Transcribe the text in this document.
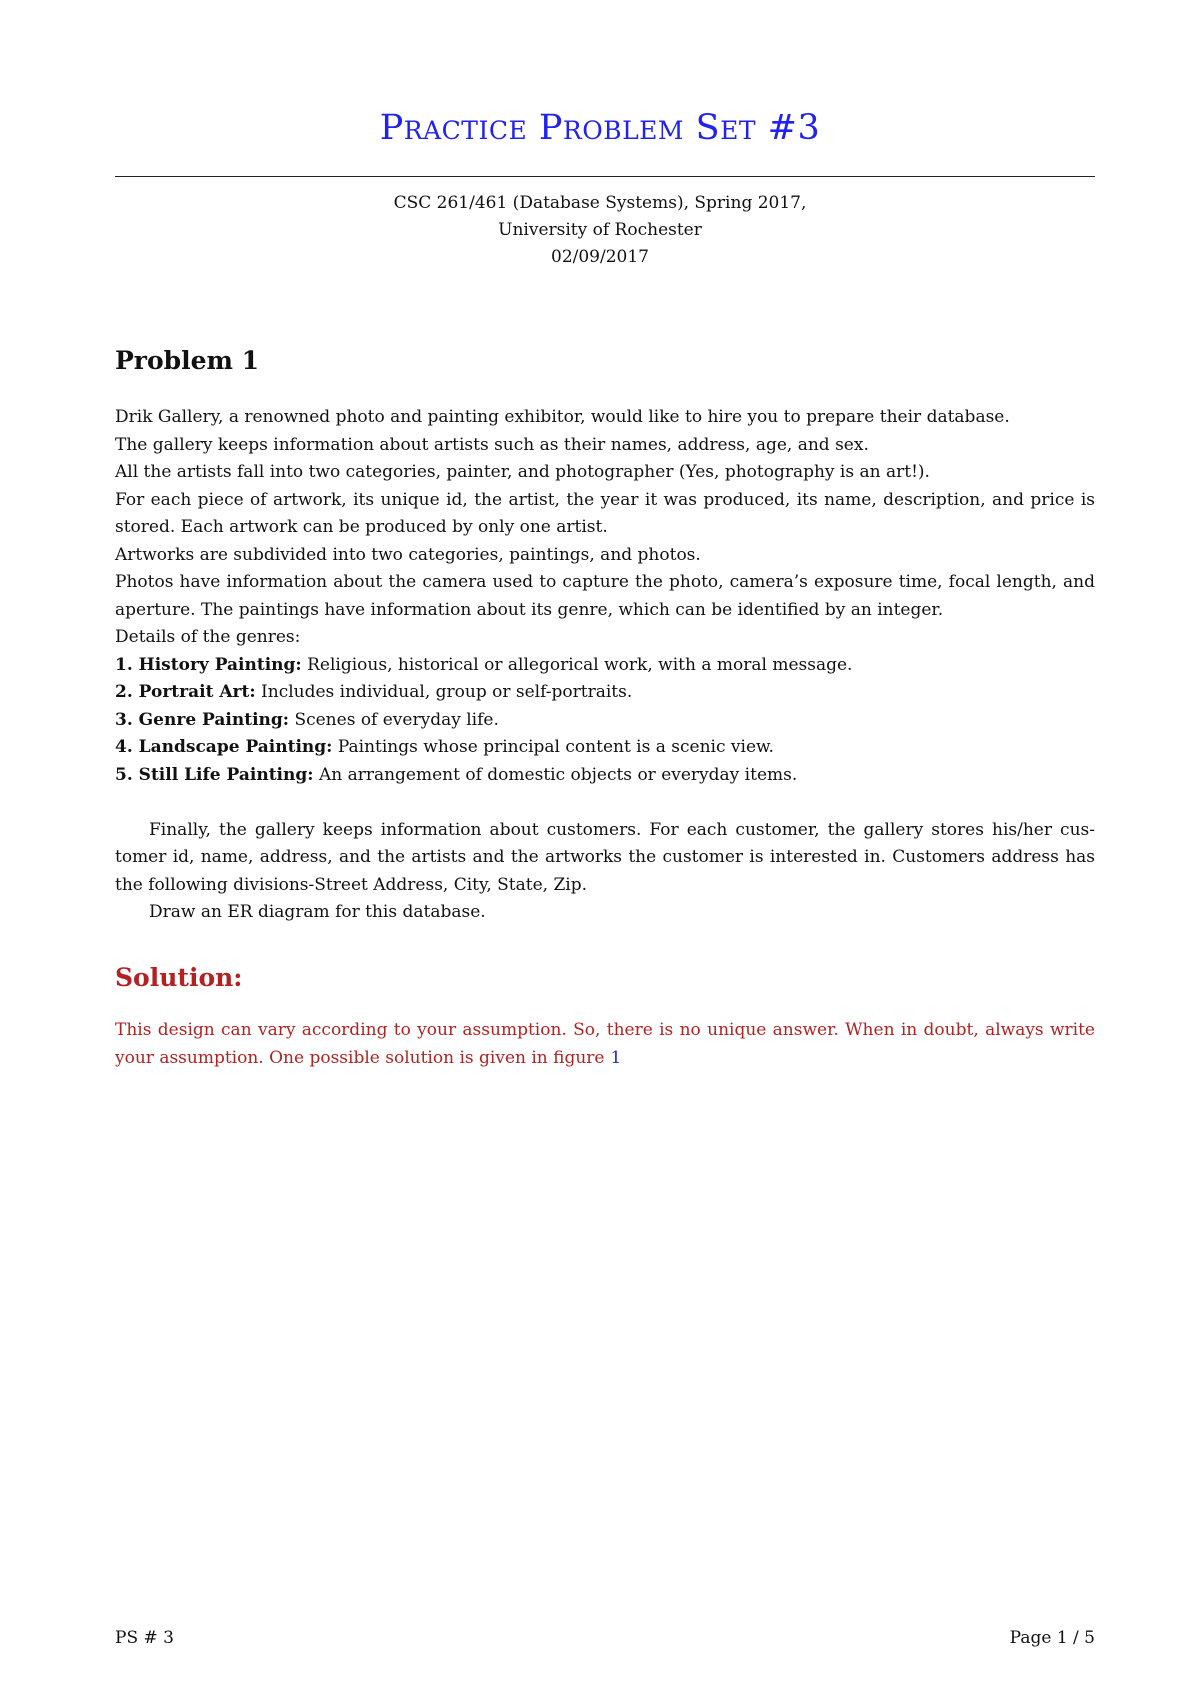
Practice Problem Set #3
CSC 261/461 (Database Systems), Spring 2017,
University of Rochester
02/09/2017
Problem 1
Drik Gallery, a renowned photo and painting exhibitor, would like to hire you to prepare their database.
The gallery keeps information about artists such as their names, address, age, and sex.
All the artists fall into two categories, painter, and photographer (Yes, photography is an art!).
For each piece of artwork, its unique id, the artist, the year it was produced, its name, description, and price is
stored. Each artwork can be produced by only one artist.
Artworks are subdivided into two categories, paintings, and photos.
Photos have information about the camera used to capture the photo, camera’s exposure time, focal length, and
aperture. The paintings have information about its genre, which can be identified by an integer.
Details of the genres:
1. History Painting: Religious, historical or allegorical work, with a moral message.
2. Portrait Art: Includes individual, group or self-portraits.
3. Genre Painting: Scenes of everyday life.
4. Landscape Painting: Paintings whose principal content is a scenic view.
5. Still Life Painting: An arrangement of domestic objects or everyday items.
Finally, the gallery keeps information about customers. For each customer, the gallery stores his/her cus-
tomer id, name, address, and the artists and the artworks the customer is interested in. Customers address has
the following divisions-Street Address, City, State, Zip.
Draw an ER diagram for this database.
Solution:
This design can vary according to your assumption. So, there is no unique answer. When in doubt, always write
your assumption. One possible solution is given in figure 1
PS # 3	Page 1 / 5
